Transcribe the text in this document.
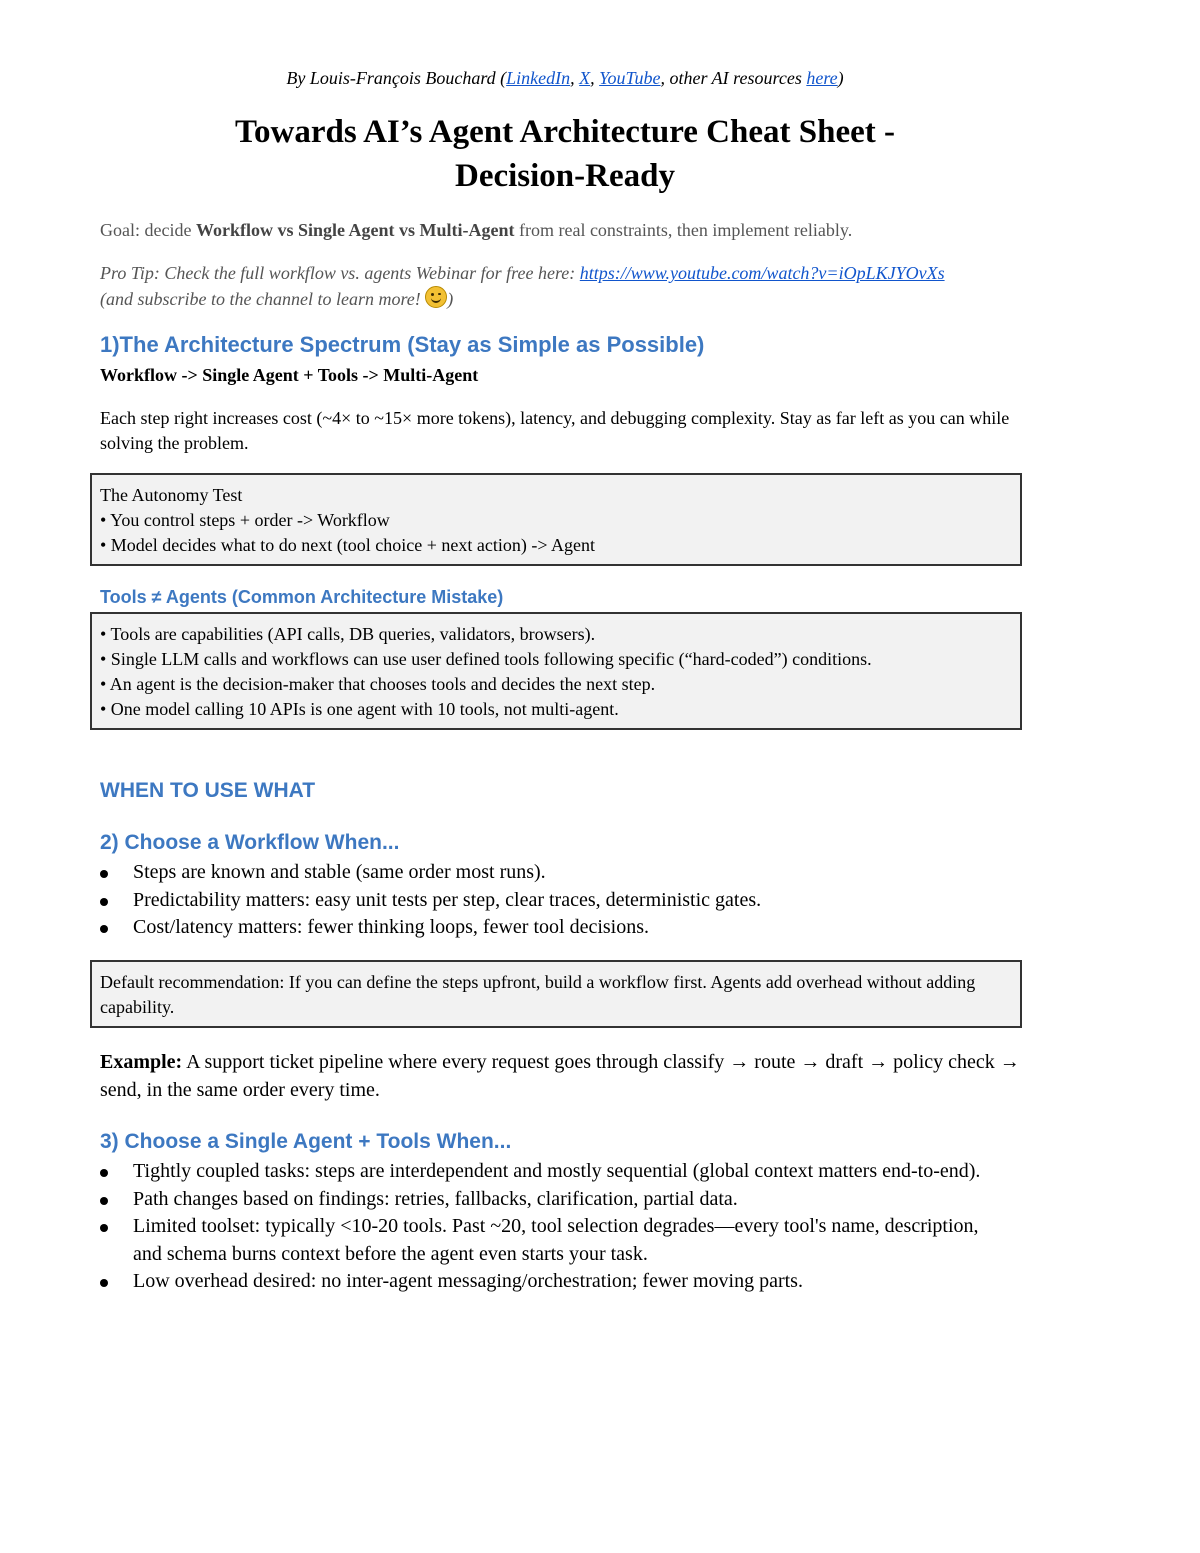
By Louis-François Bouchard (LinkedIn, X, YouTube, other AI resources here)
Towards AI’s Agent Architecture Cheat Sheet -
Decision-Ready
Goal: decide Workflow vs Single Agent vs Multi-Agent from real constraints, then implement reliably.
Pro Tip: Check the full workflow vs. agents Webinar for free here: https://www.youtube.com/watch?v=iOpLKJYOvXs
(and subscribe to the channel to learn more!
)
1)The Architecture Spectrum (Stay as Simple as Possible)
Workflow -> Single Agent + Tools -> Multi-Agent
Each step right increases cost (~4× to ~15× more tokens), latency, and debugging complexity. Stay as far left as you can while solving the problem.
The Autonomy Test
• You control steps + order -> Workflow
• Model decides what to do next (tool choice + next action) -> Agent
Tools ≠ Agents (Common Architecture Mistake)
• Tools are capabilities (API calls, DB queries, validators, browsers).
• Single LLM calls and workflows can use user defined tools following specific (“hard-coded”) conditions.
• An agent is the decision-maker that chooses tools and decides the next step.
• One model calling 10 APIs is one agent with 10 tools, not multi-agent.
WHEN TO USE WHAT
2) Choose a Workflow When...
Steps are known and stable (same order most runs).
Predictability matters: easy unit tests per step, clear traces, deterministic gates.
Cost/latency matters: fewer thinking loops, fewer tool decisions.
Default recommendation: If you can define the steps upfront, build a workflow first. Agents add overhead without adding capability.
Example: A support ticket pipeline where every request goes through classify → route → draft → policy check → send, in the same order every time.
3) Choose a Single Agent + Tools When...
Tightly coupled tasks: steps are interdependent and mostly sequential (global context matters end-to-end).
Path changes based on findings: retries, fallbacks, clarification, partial data.
Limited toolset: typically <10-20 tools. Past ~20, tool selection degrades—every tool's name, description, and schema burns context before the agent even starts your task.
Low overhead desired: no inter-agent messaging/orchestration; fewer moving parts.
